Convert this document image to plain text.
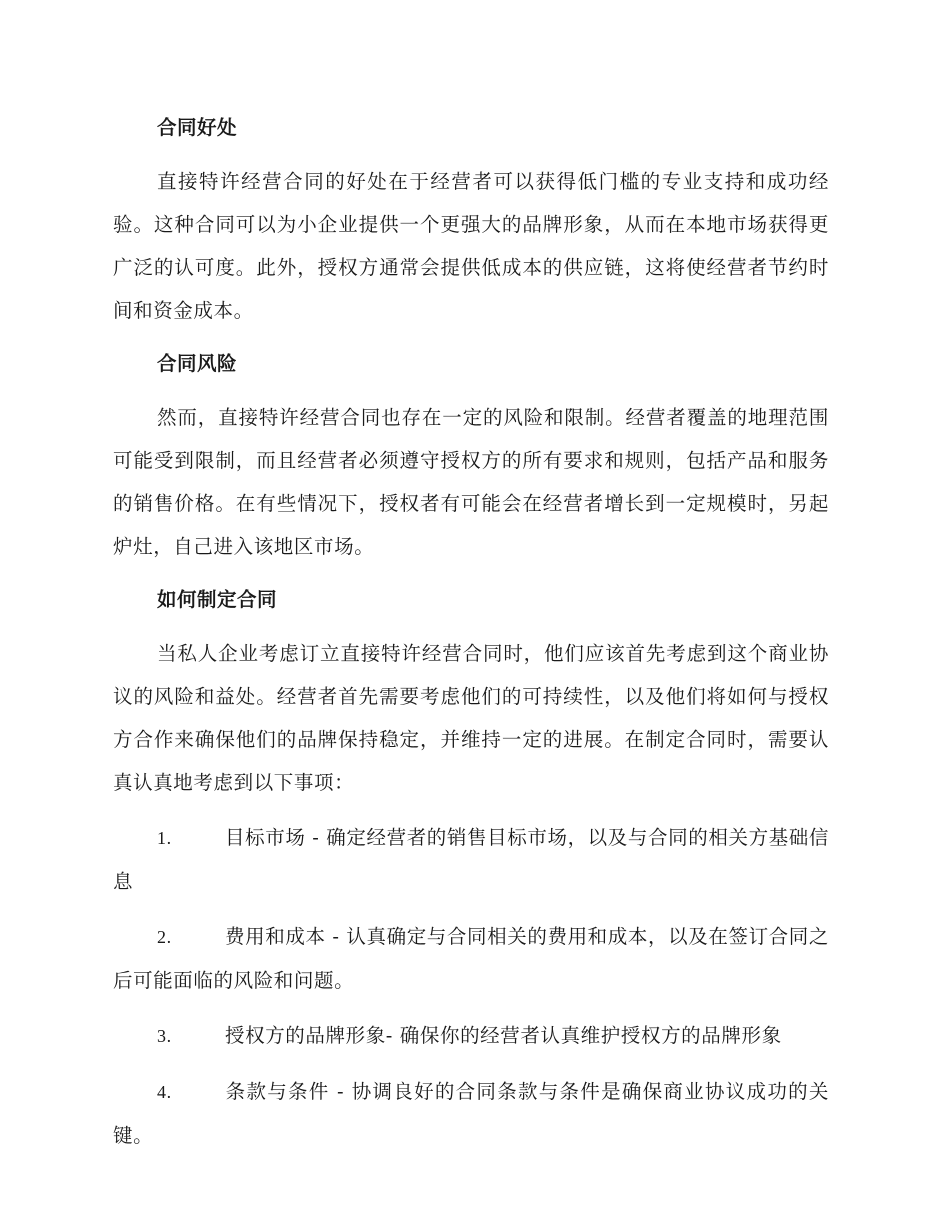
合同好处

直接特许经营合同的好处在于经营者可以获得低门槛的专业支持和成功经验。这种合同可以为小企业提供一个更强大的品牌形象，从而在本地市场获得更广泛的认可度。此外，授权方通常会提供低成本的供应链，这将使经营者节约时间和资金成本。

合同风险

然而，直接特许经营合同也存在一定的风险和限制。经营者覆盖的地理范围可能受到限制，而且经营者必须遵守授权方的所有要求和规则，包括产品和服务的销售价格。在有些情况下，授权者有可能会在经营者增长到一定规模时，另起炉灶，自己进入该地区市场。

如何制定合同

当私人企业考虑订立直接特许经营合同时，他们应该首先考虑到这个商业协议的风险和益处。经营者首先需要考虑他们的可持续性，以及他们将如何与授权方合作来确保他们的品牌保持稳定，并维持一定的进展。在制定合同时，需要认真认真地考虑到以下事项：

1.	目标市场 - 确定经营者的销售目标市场，以及与合同的相关方基础信息
2.	费用和成本 - 认真确定与合同相关的费用和成本，以及在签订合同之后可能面临的风险和问题。
3.	授权方的品牌形象- 确保你的经营者认真维护授权方的品牌形象
4.	条款与条件 - 协调良好的合同条款与条件是确保商业协议成功的关键。
